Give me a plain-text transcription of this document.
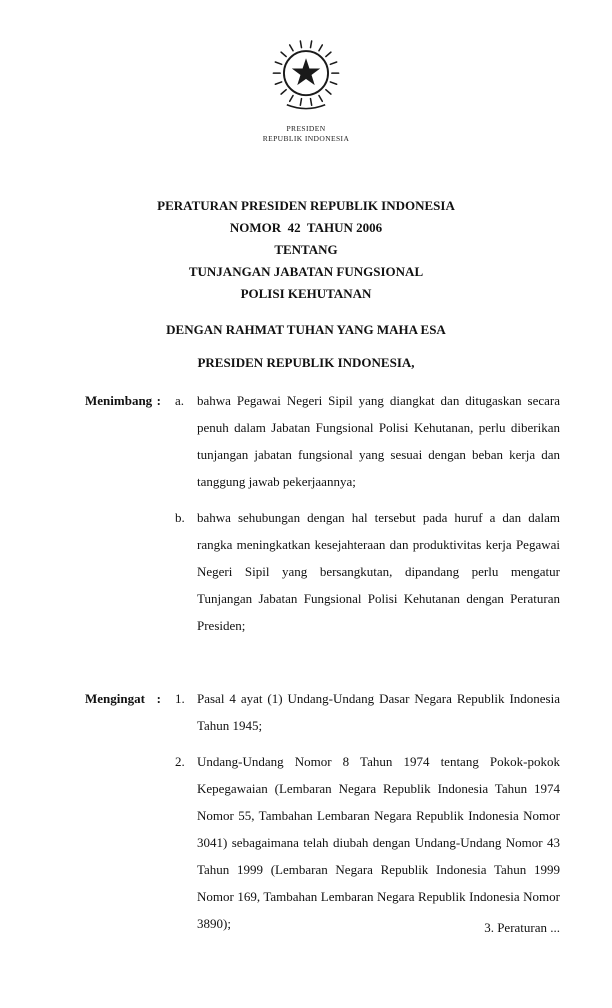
PRESIDEN
REPUBLIK INDONESIA
PERATURAN PRESIDEN REPUBLIK INDONESIA
NOMOR  42  TAHUN 2006
TENTANG
TUNJANGAN JABATAN FUNGSIONAL
POLISI KEHUTANAN
DENGAN RAHMAT TUHAN YANG MAHA ESA
PRESIDEN REPUBLIK INDONESIA,
Menimbang : a. bahwa Pegawai Negeri Sipil yang diangkat dan ditugaskan secara penuh dalam Jabatan Fungsional Polisi Kehutanan, perlu diberikan tunjangan jabatan fungsional yang sesuai dengan beban kerja dan tanggung jawab pekerjaannya;
b. bahwa sehubungan dengan hal tersebut pada huruf a dan dalam rangka meningkatkan kesejahteraan dan produktivitas kerja Pegawai Negeri Sipil yang bersangkutan, dipandang perlu mengatur Tunjangan Jabatan Fungsional Polisi Kehutanan dengan Peraturan Presiden;
Mengingat : 1. Pasal 4 ayat (1) Undang-Undang Dasar Negara Republik Indonesia Tahun 1945;
2. Undang-Undang Nomor 8 Tahun 1974 tentang Pokok-pokok Kepegawaian (Lembaran Negara Republik Indonesia Tahun 1974 Nomor 55, Tambahan Lembaran Negara Republik Indonesia Nomor 3041) sebagaimana telah diubah dengan Undang-Undang Nomor 43 Tahun 1999 (Lembaran Negara Republik Indonesia Tahun 1999 Nomor 169, Tambahan Lembaran Negara Republik Indonesia Nomor 3890);	3. Peraturan ...
